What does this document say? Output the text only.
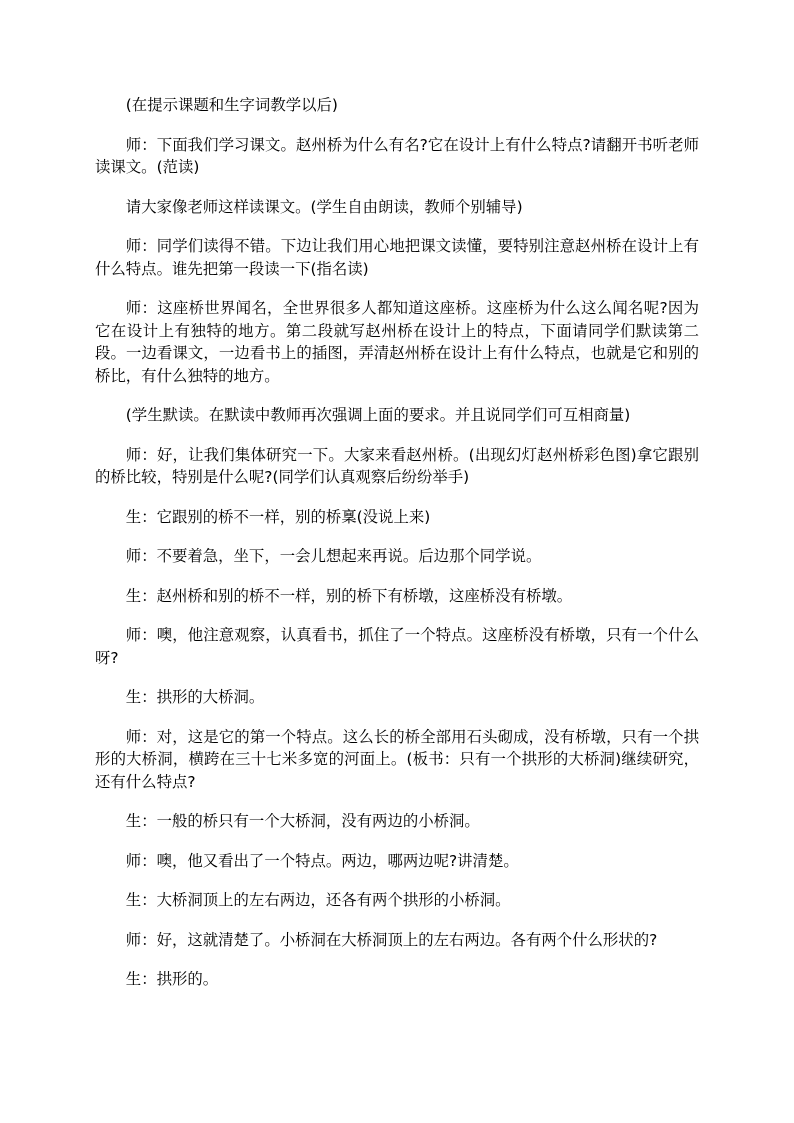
(在提示课题和生字词教学以后)

师：下面我们学习课文。赵州桥为什么有名?它在设计上有什么特点?请翻开书听老师读课文。(范读)

请大家像老师这样读课文。(学生自由朗读，教师个别辅导)

师：同学们读得不错。下边让我们用心地把课文读懂，要特别注意赵州桥在设计上有什么特点。谁先把第一段读一下(指名读)

师：这座桥世界闻名，全世界很多人都知道这座桥。这座桥为什么这么闻名呢?因为它在设计上有独特的地方。第二段就写赵州桥在设计上的特点，下面请同学们默读第二段。一边看课文，一边看书上的插图，弄清赵州桥在设计上有什么特点，也就是它和别的桥比，有什么独特的地方。

(学生默读。在默读中教师再次强调上面的要求。并且说同学们可互相商量)

师：好，让我们集体研究一下。大家来看赵州桥。(出现幻灯赵州桥彩色图)拿它跟别的桥比较，特别是什么呢?(同学们认真观察后纷纷举手)

生：它跟别的桥不一样，别的桥稟(没说上来)

师：不要着急，坐下，一会儿想起来再说。后边那个同学说。

生：赵州桥和别的桥不一样，别的桥下有桥墩，这座桥没有桥墩。

师：噢，他注意观察，认真看书，抓住了一个特点。这座桥没有桥墩，只有一个什么呀?

生：拱形的大桥洞。

师：对，这是它的第一个特点。这么长的桥全部用石头砌成，没有桥墩，只有一个拱形的大桥洞，横跨在三十七米多宽的河面上。(板书：只有一个拱形的大桥洞)继续研究，还有什么特点?

生：一般的桥只有一个大桥洞，没有两边的小桥洞。

师：噢，他又看出了一个特点。两边，哪两边呢?讲清楚。

生：大桥洞顶上的左右两边，还各有两个拱形的小桥洞。

师：好，这就清楚了。小桥洞在大桥洞顶上的左右两边。各有两个什么形状的?

生：拱形的。
